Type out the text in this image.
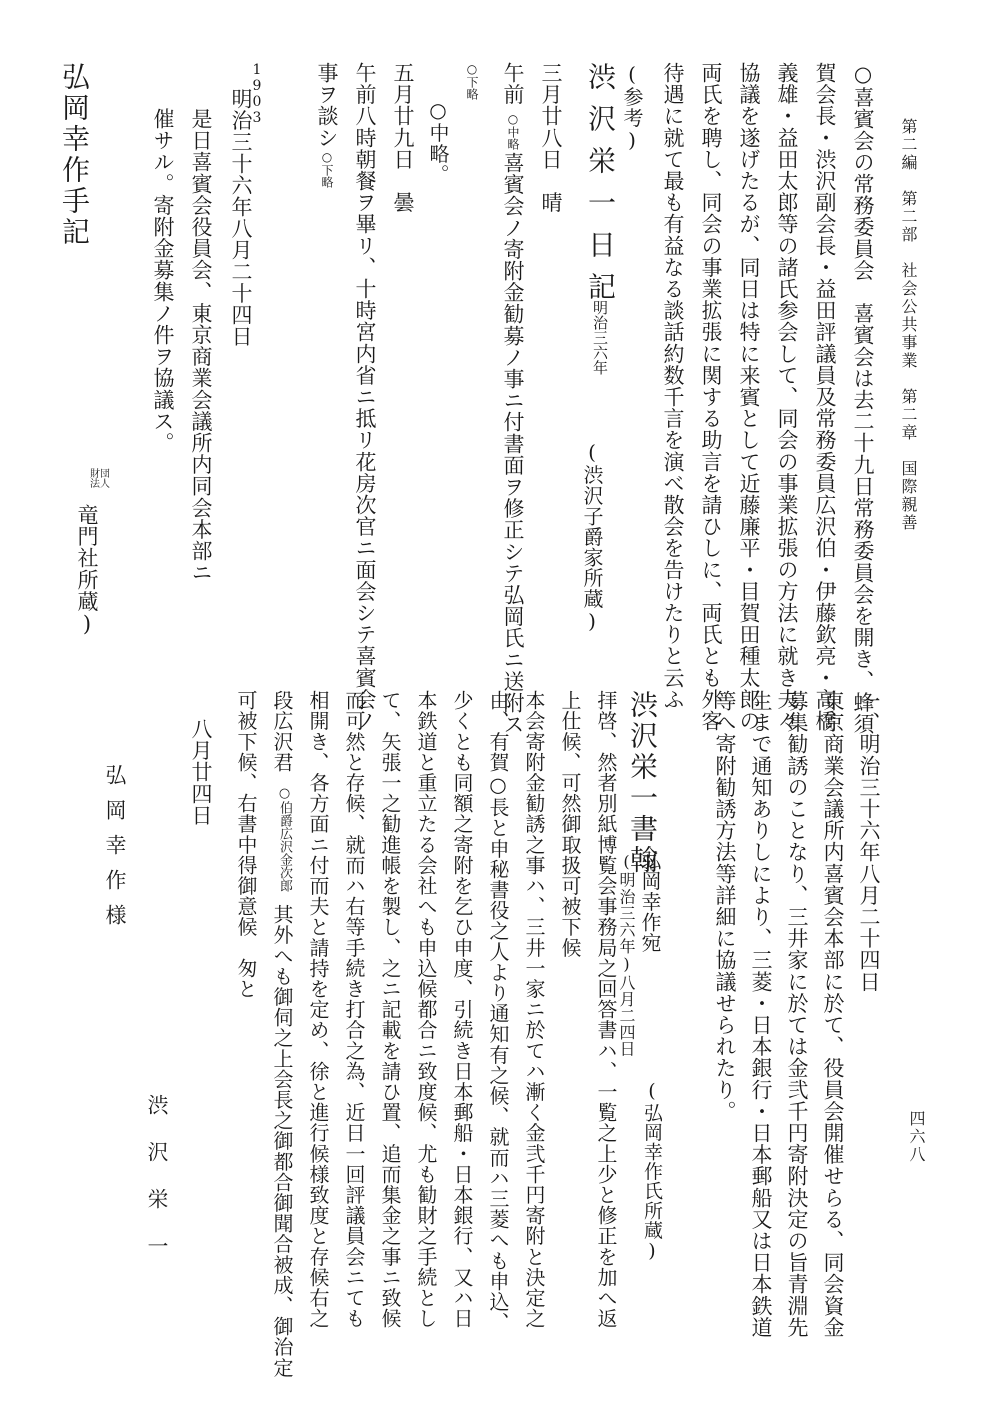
第二編　第二部　社会公共事業　第二章　国際親善
○喜賓会の常務委員会　喜賓会は去二十九日常務委員会を開き、蜂須
賀会長・渋沢副会長・益田評議員及常務委員広沢伯・伊藤欽亮・高橋
義雄・益田太郎等の諸氏参会して、同会の事業拡張の方法に就き夫々
協議を遂げたるが、同日は特に来賓として近藤廉平・目賀田種太郎の
両氏を聘し、同会の事業拡張に関する助言を請ひしに、両氏とも外客
待遇に就て最も有益なる談話約数千言を演べ散会を告けたりと云ふ
(参考)
渋沢栄一日記
明治三六年
(渋沢子爵家所蔵)
三月廿八日　晴
午前
○中略
喜賓会ノ寄附金勧募ノ事ニ付書面ヲ修正シテ弘岡氏ニ送附ス
○下略
○中略。
五月廿九日　曇
午前八時朝餐ヲ畢リ、十時宮内省ニ抵リ花房次官ニ面会シテ喜賓会ノ
事ヲ談シ
○下略
1903
明治三十六年八月二十四日
是日喜賓会役員会、東京商業会議所内同会本部ニ
催サル。寄附金募集ノ件ヲ協議ス。
財団法人
竜門社所蔵)
弘岡幸作手記
四六八
一、明治三十六年八月二十四日
東京商業会議所内喜賓会本部に於て、役員会開催せらる、同会資金
募集勧誘のことなり、三井家に於ては金弐千円寄附決定の旨青淵先
生まで通知ありしにより、三菱・日本銀行・日本郵船又は日本鉄道
等へ寄附勧誘方法等詳細に協議せられたり。
渋沢栄一書翰
弘岡幸作宛
(明治三六年)八月二四日
(弘岡幸作氏所蔵)
拝啓、然者別紙博覧会事務局之回答書ハ、一覧之上少と修正を加へ返
上仕候、可然御取扱可被下候
本会寄附金勧誘之事ハ、三井一家ニ於てハ漸く金弐千円寄附と決定之
由、有賀○長と申秘書役之人より通知有之候、就而ハ三菱へも申込、
少くとも同額之寄附を乞ひ申度、引続き日本郵船・日本銀行、又ハ日
本鉄道と重立たる会社へも申込候都合ニ致度候、尤も勧財之手続とし
て、矢張一之勧進帳を製し、之ニ記載を請ひ置、追而集金之事ニ致候
而可然と存候、就而ハ右等手続き打合之為、近日一回評議員会ニても
相開き、各方面ニ付而夫と請持を定め、徐と進行候様致度と存候右之
段広沢君
○伯爵広沢金次郎
其外へも御伺之上会長之御都合御聞合被成、御治定
可被下候、右書中得御意候　匆と
八月廿四日
渋沢栄一
弘岡幸作様
